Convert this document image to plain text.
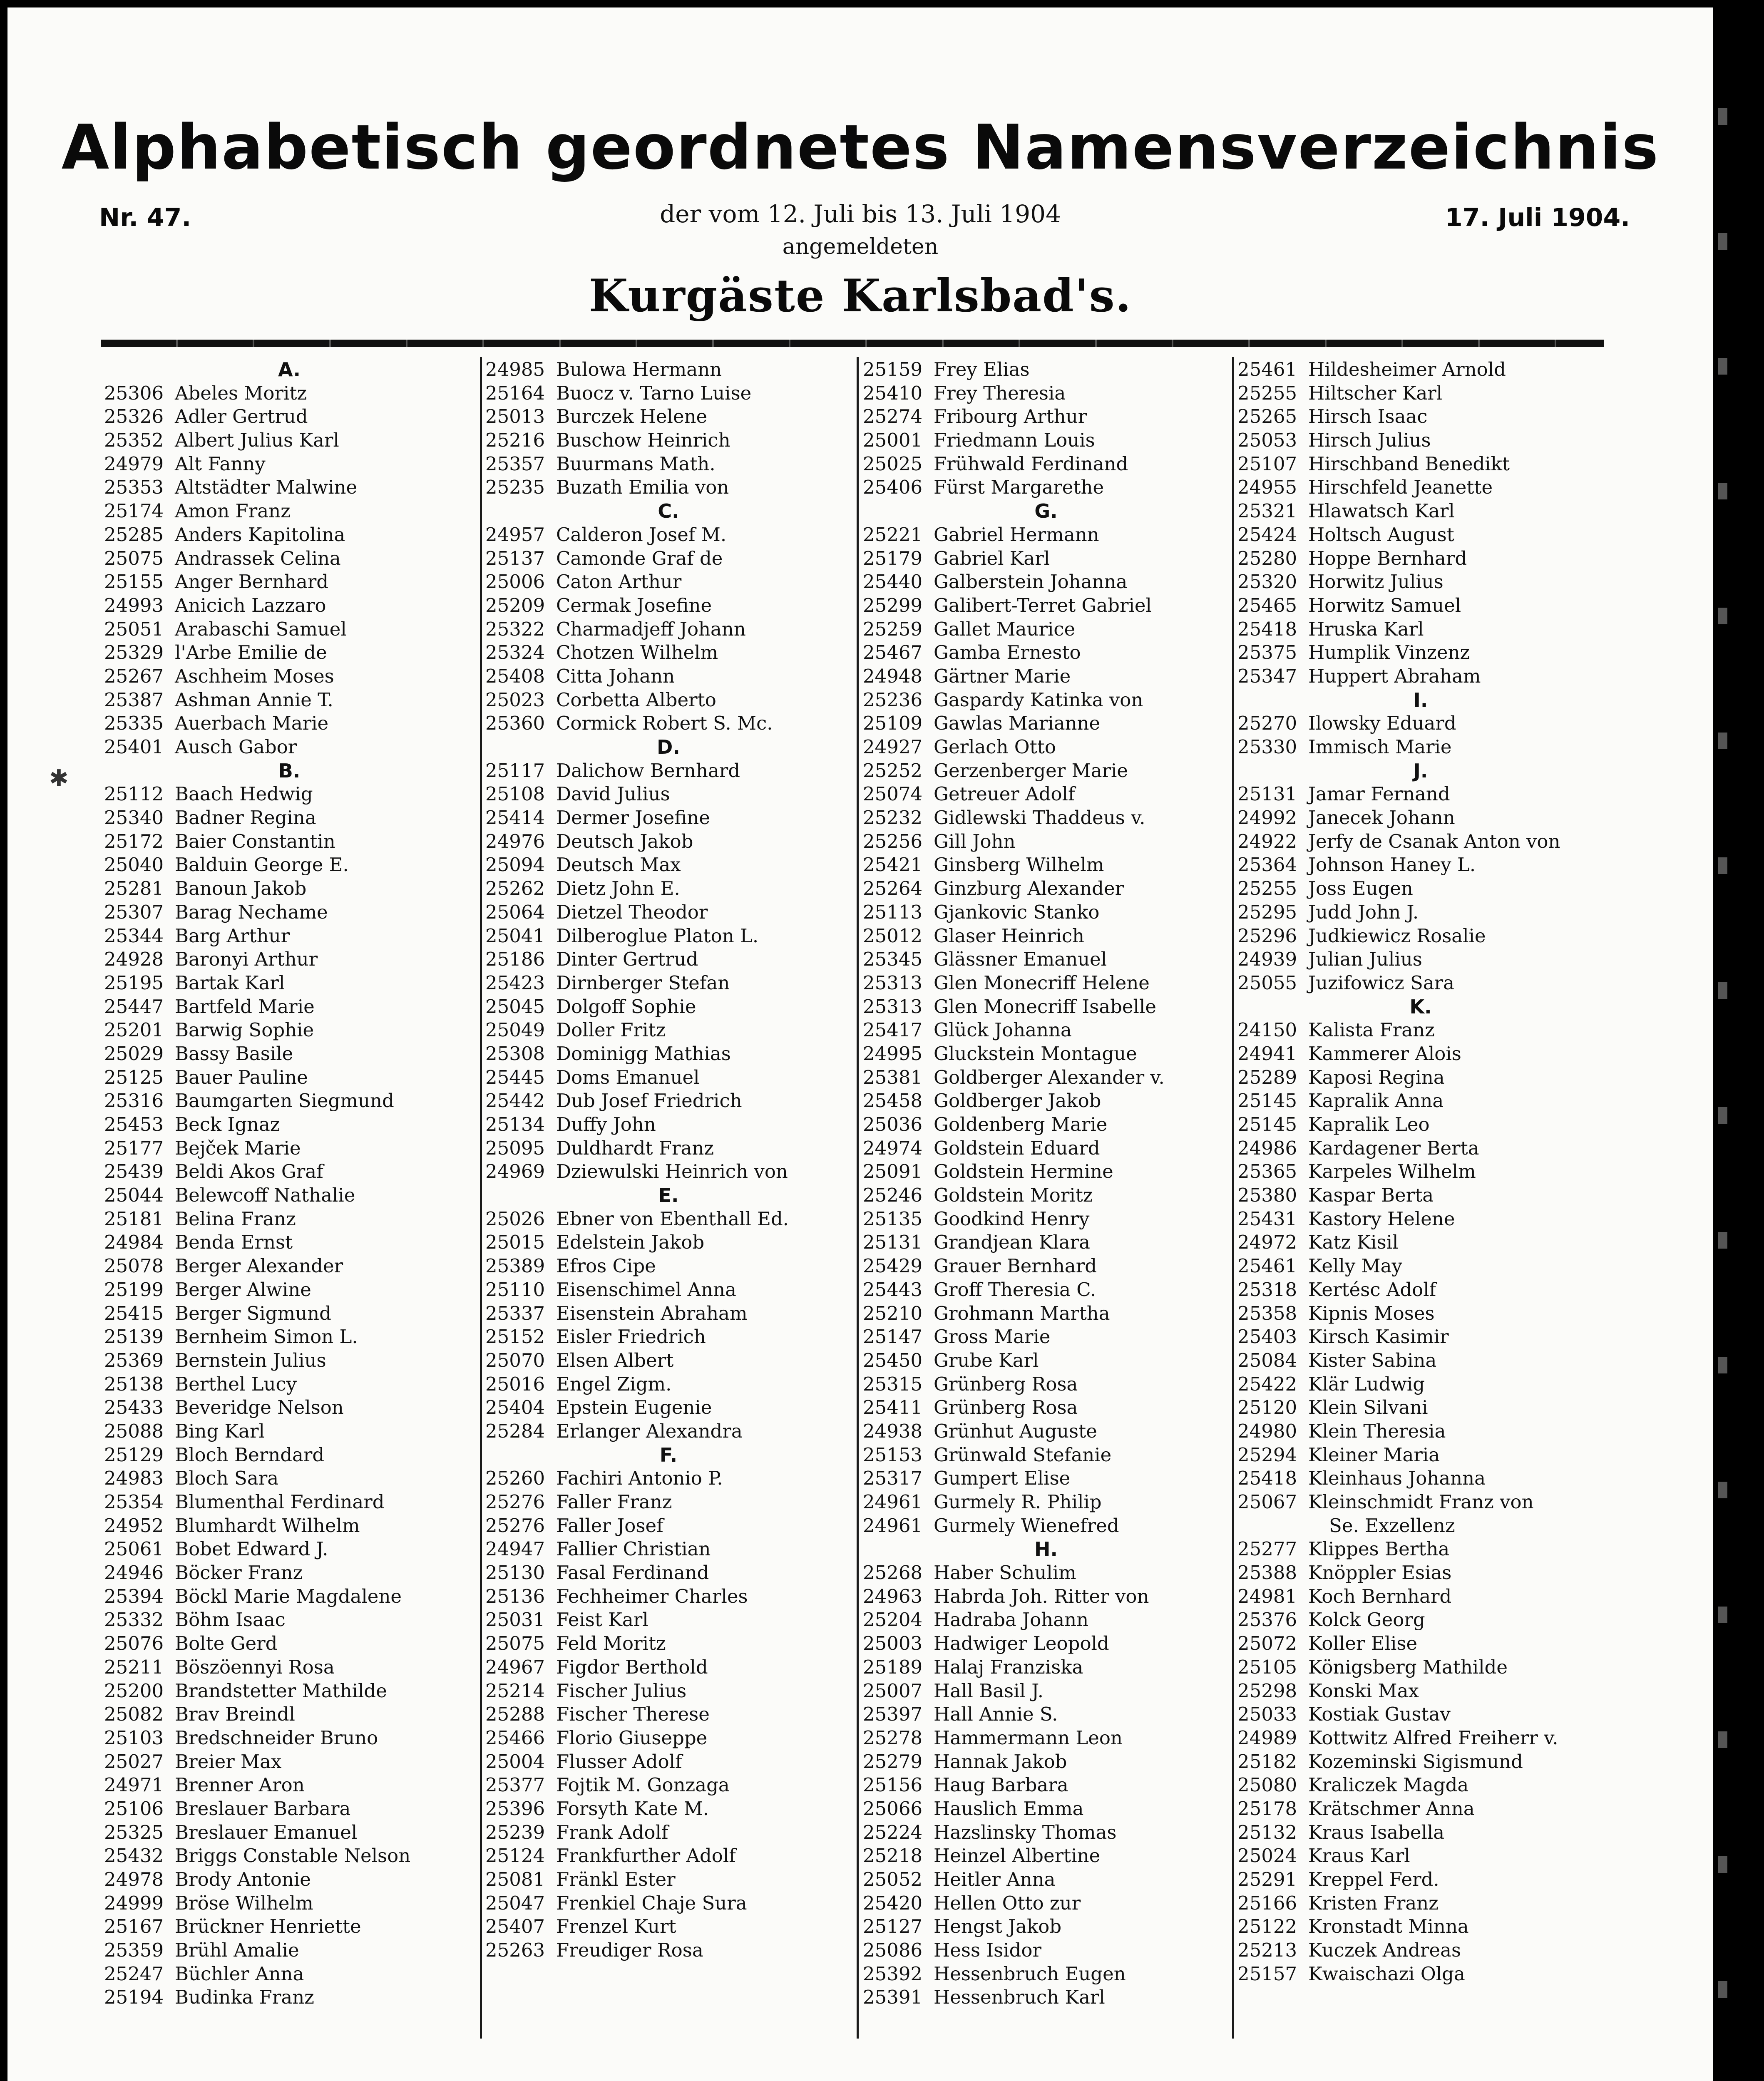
Alphabetisch geordnetes Namensverzeichnis
Nr. 47.	der vom 12. Juli bis 13. Juli 1904	17. Juli 1904.
angemeldeten
Kurgäste Karlsbad's.
✱
A.
25306 Abeles Moritz
25326 Adler Gertrud
25352 Albert Julius Karl
24979 Alt Fanny
25353 Altstädter Malwine
25174 Amon Franz
25285 Anders Kapitolina
25075 Andrassek Celina
25155 Anger Bernhard
24993 Anicich Lazzaro
25051 Arabaschi Samuel
25329 l'Arbe Emilie de
25267 Aschheim Moses
25387 Ashman Annie T.
25335 Auerbach Marie
25401 Ausch Gabor
B.
25112 Baach Hedwig
25340 Badner Regina
25172 Baier Constantin
25040 Balduin George E.
25281 Banoun Jakob
25307 Barag Nechame
25344 Barg Arthur
24928 Baronyi Arthur
25195 Bartak Karl
25447 Bartfeld Marie
25201 Barwig Sophie
25029 Bassy Basile
25125 Bauer Pauline
25316 Baumgarten Siegmund
25453 Beck Ignaz
25177 Bejček Marie
25439 Beldi Akos Graf
25044 Belewcoff Nathalie
25181 Belina Franz
24984 Benda Ernst
25078 Berger Alexander
25199 Berger Alwine
25415 Berger Sigmund
25139 Bernheim Simon L.
25369 Bernstein Julius
25138 Berthel Lucy
25433 Beveridge Nelson
25088 Bing Karl
25129 Bloch Berndard
24983 Bloch Sara
25354 Blumenthal Ferdinard
24952 Blumhardt Wilhelm
25061 Bobet Edward J.
24946 Böcker Franz
25394 Böckl Marie Magdalene
25332 Böhm Isaac
25076 Bolte Gerd
25211 Böszöennyi Rosa
25200 Brandstetter Mathilde
25082 Brav Breindl
25103 Bredschneider Bruno
25027 Breier Max
24971 Brenner Aron
25106 Breslauer Barbara
25325 Breslauer Emanuel
25432 Briggs Constable Nelson
24978 Brody Antonie
24999 Bröse Wilhelm
25167 Brückner Henriette
25359 Brühl Amalie
25247 Büchler Anna
25194 Budinka Franz
24985 Bulowa Hermann
25164 Buocz v. Tarno Luise
25013 Burczek Helene
25216 Buschow Heinrich
25357 Buurmans Math.
25235 Buzath Emilia von
C.
24957 Calderon Josef M.
25137 Camonde Graf de
25006 Caton Arthur
25209 Cermak Josefine
25322 Charmadjeff Johann
25324 Chotzen Wilhelm
25408 Citta Johann
25023 Corbetta Alberto
25360 Cormick Robert S. Mc.
D.
25117 Dalichow Bernhard
25108 David Julius
25414 Dermer Josefine
24976 Deutsch Jakob
25094 Deutsch Max
25262 Dietz John E.
25064 Dietzel Theodor
25041 Dilberoglue Platon L.
25186 Dinter Gertrud
25423 Dirnberger Stefan
25045 Dolgoff Sophie
25049 Doller Fritz
25308 Dominigg Mathias
25445 Doms Emanuel
25442 Dub Josef Friedrich
25134 Duffy John
25095 Duldhardt Franz
24969 Dziewulski Heinrich von
E.
25026 Ebner von Ebenthall Ed.
25015 Edelstein Jakob
25389 Efros Cipe
25110 Eisenschimel Anna
25337 Eisenstein Abraham
25152 Eisler Friedrich
25070 Elsen Albert
25016 Engel Zigm.
25404 Epstein Eugenie
25284 Erlanger Alexandra
F.
25260 Fachiri Antonio P.
25276 Faller Franz
25276 Faller Josef
24947 Fallier Christian
25130 Fasal Ferdinand
25136 Fechheimer Charles
25031 Feist Karl
25075 Feld Moritz
24967 Figdor Berthold
25214 Fischer Julius
25288 Fischer Therese
25466 Florio Giuseppe
25004 Flusser Adolf
25377 Fojtik M. Gonzaga
25396 Forsyth Kate M.
25239 Frank Adolf
25124 Frankfurther Adolf
25081 Fränkl Ester
25047 Frenkiel Chaje Sura
25407 Frenzel Kurt
25263 Freudiger Rosa
25159 Frey Elias
25410 Frey Theresia
25274 Fribourg Arthur
25001 Friedmann Louis
25025 Frühwald Ferdinand
25406 Fürst Margarethe
G.
25221 Gabriel Hermann
25179 Gabriel Karl
25440 Galberstein Johanna
25299 Galibert-Terret Gabriel
25259 Gallet Maurice
25467 Gamba Ernesto
24948 Gärtner Marie
25236 Gaspardy Katinka von
25109 Gawlas Marianne
24927 Gerlach Otto
25252 Gerzenberger Marie
25074 Getreuer Adolf
25232 Gidlewski Thaddeus v.
25256 Gill John
25421 Ginsberg Wilhelm
25264 Ginzburg Alexander
25113 Gjankovic Stanko
25012 Glaser Heinrich
25345 Glässner Emanuel
25313 Glen Monecriff Helene
25313 Glen Monecriff Isabelle
25417 Glück Johanna
24995 Gluckstein Montague
25381 Goldberger Alexander v.
25458 Goldberger Jakob
25036 Goldenberg Marie
24974 Goldstein Eduard
25091 Goldstein Hermine
25246 Goldstein Moritz
25135 Goodkind Henry
25131 Grandjean Klara
25429 Grauer Bernhard
25443 Groff Theresia C.
25210 Grohmann Martha
25147 Gross Marie
25450 Grube Karl
25315 Grünberg Rosa
25411 Grünberg Rosa
24938 Grünhut Auguste
25153 Grünwald Stefanie
25317 Gumpert Elise
24961 Gurmely R. Philip
24961 Gurmely Wienefred
H.
25268 Haber Schulim
24963 Habrda Joh. Ritter von
25204 Hadraba Johann
25003 Hadwiger Leopold
25189 Halaj Franziska
25007 Hall Basil J.
25397 Hall Annie S.
25278 Hammermann Leon
25279 Hannak Jakob
25156 Haug Barbara
25066 Hauslich Emma
25224 Hazslinsky Thomas
25218 Heinzel Albertine
25052 Heitler Anna
25420 Hellen Otto zur
25127 Hengst Jakob
25086 Hess Isidor
25392 Hessenbruch Eugen
25391 Hessenbruch Karl
25461 Hildesheimer Arnold
25255 Hiltscher Karl
25265 Hirsch Isaac
25053 Hirsch Julius
25107 Hirschband Benedikt
24955 Hirschfeld Jeanette
25321 Hlawatsch Karl
25424 Holtsch August
25280 Hoppe Bernhard
25320 Horwitz Julius
25465 Horwitz Samuel
25418 Hruska Karl
25375 Humplik Vinzenz
25347 Huppert Abraham
I.
25270 Ilowsky Eduard
25330 Immisch Marie
J.
25131 Jamar Fernand
24992 Janecek Johann
24922 Jerfy de Csanak Anton von
25364 Johnson Haney L.
25255 Joss Eugen
25295 Judd John J.
25296 Judkiewicz Rosalie
24939 Julian Julius
25055 Juzifowicz Sara
K.
24150 Kalista Franz
24941 Kammerer Alois
25289 Kaposi Regina
25145 Kapralik Anna
25145 Kapralik Leo
24986 Kardagener Berta
25365 Karpeles Wilhelm
25380 Kaspar Berta
25431 Kastory Helene
24972 Katz Kisil
25461 Kelly May
25318 Kertésc Adolf
25358 Kipnis Moses
25403 Kirsch Kasimir
25084 Kister Sabina
25422 Klär Ludwig
25120 Klein Silvani
24980 Klein Theresia
25294 Kleiner Maria
25418 Kleinhaus Johanna
25067 Kleinschmidt Franz von
Se. Exzellenz
25277 Klippes Bertha
25388 Knöppler Esias
24981 Koch Bernhard
25376 Kolck Georg
25072 Koller Elise
25105 Königsberg Mathilde
25298 Konski Max
25033 Kostiak Gustav
24989 Kottwitz Alfred Freiherr v.
25182 Kozeminski Sigismund
25080 Kraliczek Magda
25178 Krätschmer Anna
25132 Kraus Isabella
25024 Kraus Karl
25291 Kreppel Ferd.
25166 Kristen Franz
25122 Kronstadt Minna
25213 Kuczek Andreas
25157 Kwaischazi Olga
